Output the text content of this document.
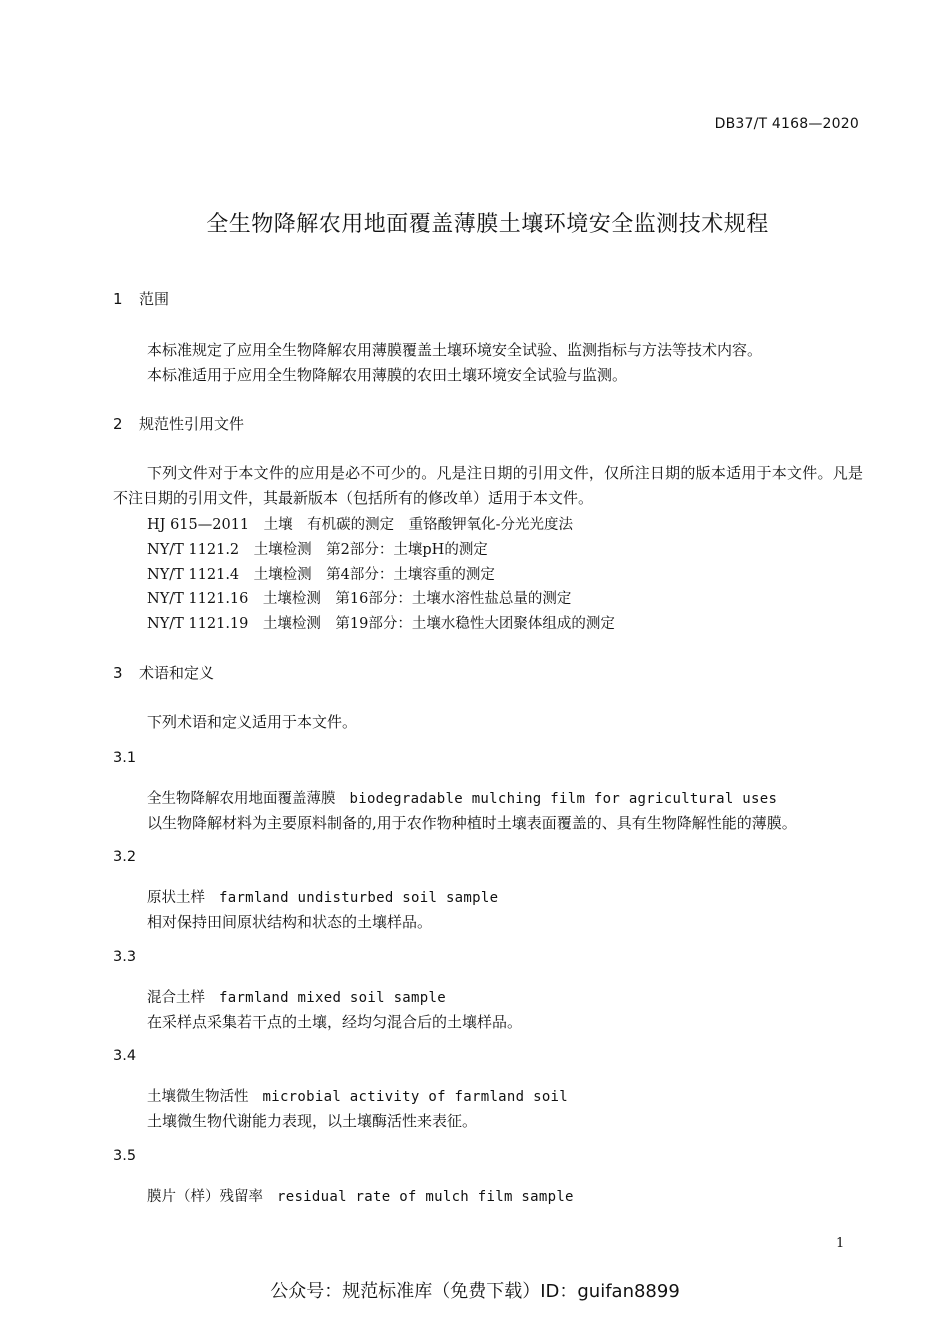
DB37/T 4168—2020
全生物降解农用地面覆盖薄膜土壤环境安全监测技术规程
1 范围
本标准规定了应用全生物降解农用薄膜覆盖土壤环境安全试验、监测指标与方法等技术内容。
本标准适用于应用全生物降解农用薄膜的农田土壤环境安全试验与监测。
2 规范性引用文件
下列文件对于本文件的应用是必不可少的。凡是注日期的引用文件，仅所注日期的版本适用于本文件。凡是不注日期的引用文件，其最新版本（包括所有的修改单）适用于本文件。
HJ 615—2011　土壤　有机碳的测定　重铬酸钾氧化-分光光度法
NY/T 1121.2　土壤检测　第2部分：土壤pH的测定
NY/T 1121.4　土壤检测　第4部分：土壤容重的测定
NY/T 1121.16　土壤检测　第16部分：土壤水溶性盐总量的测定
NY/T 1121.19　土壤检测　第19部分：土壤水稳性大团聚体组成的测定
3 术语和定义
下列术语和定义适用于本文件。
3.1
全生物降解农用地面覆盖薄膜 biodegradable mulching film for agricultural uses
以生物降解材料为主要原料制备的,用于农作物种植时土壤表面覆盖的、具有生物降解性能的薄膜。
3.2
原状土样 farmland undisturbed soil sample
相对保持田间原状结构和状态的土壤样品。
3.3
混合土样 farmland mixed soil sample
在采样点采集若干点的土壤，经均匀混合后的土壤样品。
3.4
土壤微生物活性 microbial activity of farmland soil
土壤微生物代谢能力表现，以土壤酶活性来表征。
3.5
膜片（样）残留率 residual rate of mulch film sample
1
公众号：规范标准库（免费下载）ID：guifan8899
